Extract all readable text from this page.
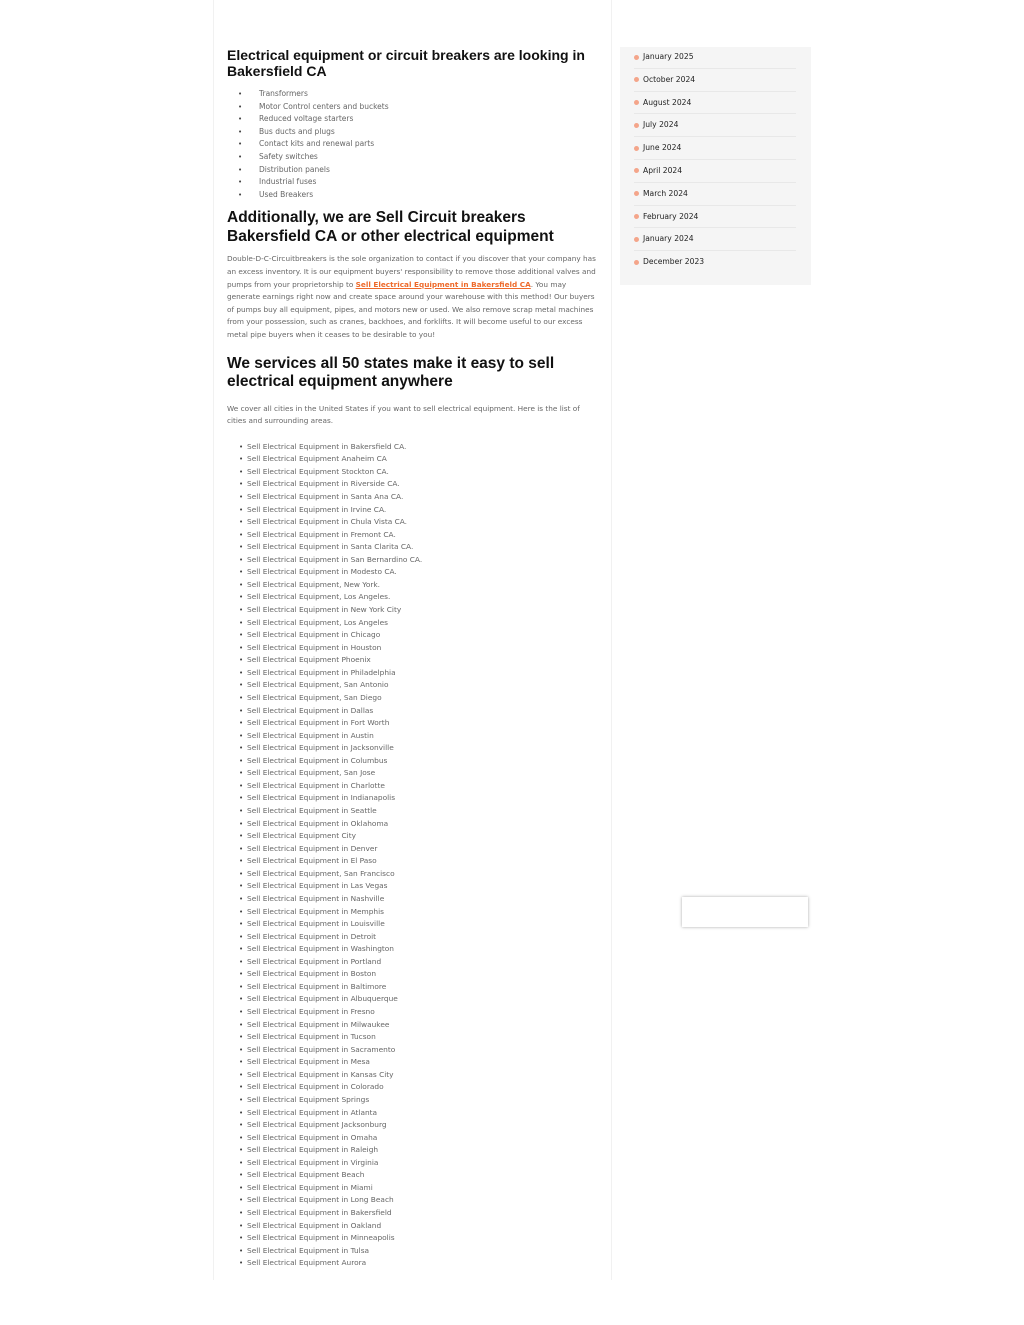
Electrical equipment or circuit breakers are looking in Bakersfield CA
• Transformers
• Motor Control centers and buckets
• Reduced voltage starters
• Bus ducts and plugs
• Contact kits and renewal parts
• Safety switches
• Distribution panels
• Industrial fuses
• Used Breakers
Additionally, we are Sell Circuit breakers Bakersfield CA or other electrical equipment

Double-D-C-Circuitbreakers is the sole organization to contact if you discover that your company has an excess inventory. It is our equipment buyers' responsibility to remove those additional valves and pumps from your proprietorship to Sell Electrical Equipment in Bakersfield CA. You may generate earnings right now and create space around your warehouse with this method! Our buyers of pumps buy all equipment, pipes, and motors new or used. We also remove scrap metal machines from your possession, such as cranes, backhoes, and forklifts. It will become useful to our excess metal pipe buyers when it ceases to be desirable to you!

We services all 50 states make it easy to sell electrical equipment anywhere

We cover all cities in the United States if you want to sell electrical equipment. Here is the list of cities and surrounding areas.

• Sell Electrical Equipment in Bakersfield CA.
• Sell Electrical Equipment Anaheim CA
• Sell Electrical Equipment Stockton CA.
• Sell Electrical Equipment in Riverside CA.
• Sell Electrical Equipment in Santa Ana CA.
• Sell Electrical Equipment in Irvine CA.
• Sell Electrical Equipment in Chula Vista CA.
• Sell Electrical Equipment in Fremont CA.
• Sell Electrical Equipment in Santa Clarita CA.
• Sell Electrical Equipment in San Bernardino CA.
• Sell Electrical Equipment in Modesto CA.
• Sell Electrical Equipment, New York.
• Sell Electrical Equipment, Los Angeles.
• Sell Electrical Equipment in New York City
• Sell Electrical Equipment, Los Angeles
• Sell Electrical Equipment in Chicago
• Sell Electrical Equipment in Houston
• Sell Electrical Equipment Phoenix
• Sell Electrical Equipment in Philadelphia
• Sell Electrical Equipment, San Antonio
• Sell Electrical Equipment, San Diego
• Sell Electrical Equipment in Dallas
• Sell Electrical Equipment in Fort Worth
• Sell Electrical Equipment in Austin
• Sell Electrical Equipment in Jacksonville
• Sell Electrical Equipment in Columbus
• Sell Electrical Equipment, San Jose
• Sell Electrical Equipment in Charlotte
• Sell Electrical Equipment in Indianapolis
• Sell Electrical Equipment in Seattle
• Sell Electrical Equipment in Oklahoma
• Sell Electrical Equipment City
• Sell Electrical Equipment in Denver
• Sell Electrical Equipment in El Paso
• Sell Electrical Equipment, San Francisco
• Sell Electrical Equipment in Las Vegas
• Sell Electrical Equipment in Nashville
• Sell Electrical Equipment in Memphis
• Sell Electrical Equipment in Louisville
• Sell Electrical Equipment in Detroit
• Sell Electrical Equipment in Washington
• Sell Electrical Equipment in Portland
• Sell Electrical Equipment in Boston
• Sell Electrical Equipment in Baltimore
• Sell Electrical Equipment in Albuquerque
• Sell Electrical Equipment in Fresno
• Sell Electrical Equipment in Milwaukee
• Sell Electrical Equipment in Tucson
• Sell Electrical Equipment in Sacramento
• Sell Electrical Equipment in Mesa
• Sell Electrical Equipment in Kansas City
• Sell Electrical Equipment in Colorado
• Sell Electrical Equipment Springs
• Sell Electrical Equipment in Atlanta
• Sell Electrical Equipment Jacksonburg
• Sell Electrical Equipment in Omaha
• Sell Electrical Equipment in Raleigh
• Sell Electrical Equipment in Virginia
• Sell Electrical Equipment Beach
• Sell Electrical Equipment in Miami
• Sell Electrical Equipment in Long Beach
• Sell Electrical Equipment in Bakersfield
• Sell Electrical Equipment in Oakland
• Sell Electrical Equipment in Minneapolis
• Sell Electrical Equipment in Tulsa
• Sell Electrical Equipment Aurora
January 2025
October 2024
August 2024
July 2024
June 2024
April 2024
March 2024
February 2024
January 2024
December 2023
